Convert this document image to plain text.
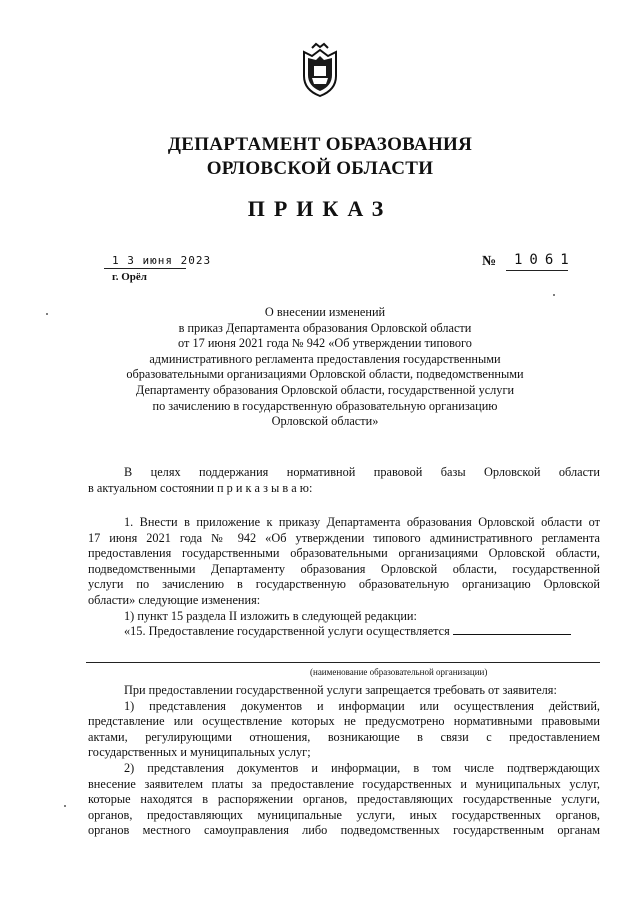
ДЕПАРТАМЕНТ ОБРАЗОВАНИЯ
ОРЛОВСКОЙ ОБЛАСТИ
ПРИКАЗ
1 3 июня 2023
г. Орёл
№ 1061
О внесении изменений
в приказ Департамента образования Орловской области
от 17 июня 2021 года № 942 «Об утверждении типового
административного регламента предоставления государственными
образовательными организациями Орловской области, подведомственными
Департаменту образования Орловской области, государственной услуги
по зачислению в государственную образовательную организацию
Орловской области»
В целях поддержания нормативной правовой базы Орловской области
в актуальном состоянии п р и к а з ы в а ю:
1. Внести в приложение к приказу Департамента образования Орловской области от
17 июня 2021 года № 942 «Об утверждении типового административного регламента
предоставления государственными образовательными организациями Орловской области,
подведомственными Департаменту образования Орловской области, государственной
услуги по зачислению в государственную образовательную организацию Орловской
области» следующие изменения:
1) пункт 15 раздела II изложить в следующей редакции:
«15. Предоставление государственной услуги осуществляется
(наименование образовательной организации)
При предоставлении государственной услуги запрещается требовать от заявителя:
1) представления документов и информации или осуществления действий,
представление или осуществление которых не предусмотрено нормативными правовыми
актами, регулирующими отношения, возникающие в связи с предоставлением
государственных и муниципальных услуг;
2) представления документов и информации, в том числе подтверждающих
внесение заявителем платы за предоставление государственных и муниципальных услуг,
которые находятся в распоряжении органов, предоставляющих государственные услуги,
органов, предоставляющих муниципальные услуги, иных государственных органов,
органов местного самоуправления либо подведомственных государственным органам
